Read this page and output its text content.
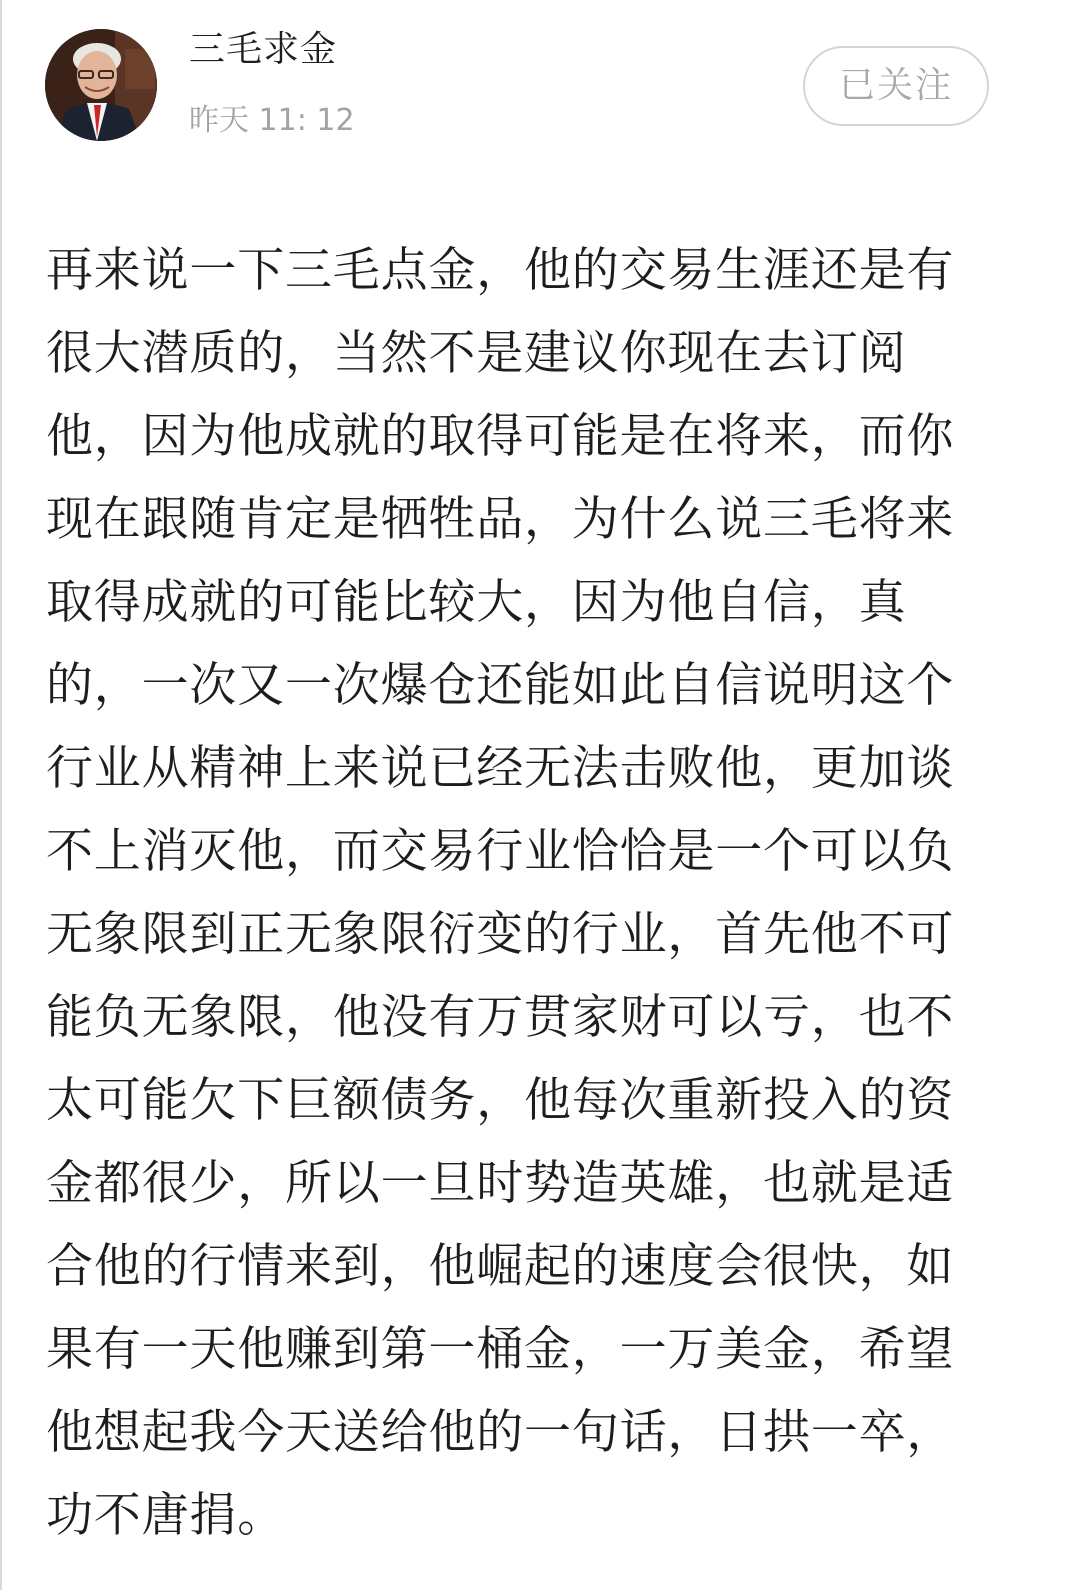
三毛求金
昨天 11: 12
已关注
再来说一下三毛点金，他的交易生涯还是有
很大潜质的，当然不是建议你现在去订阅
他，因为他成就的取得可能是在将来，而你
现在跟随肯定是牺牲品，为什么说三毛将来
取得成就的可能比较大，因为他自信，真
的，一次又一次爆仓还能如此自信说明这个
行业从精神上来说已经无法击败他，更加谈
不上消灭他，而交易行业恰恰是一个可以负
无象限到正无象限衍变的行业，首先他不可
能负无象限，他没有万贯家财可以亏，也不
太可能欠下巨额债务，他每次重新投入的资
金都很少，所以一旦时势造英雄，也就是适
合他的行情来到，他崛起的速度会很快，如
果有一天他赚到第一桶金，一万美金，希望
他想起我今天送给他的一句话，日拱一卒，
功不唐捐。
